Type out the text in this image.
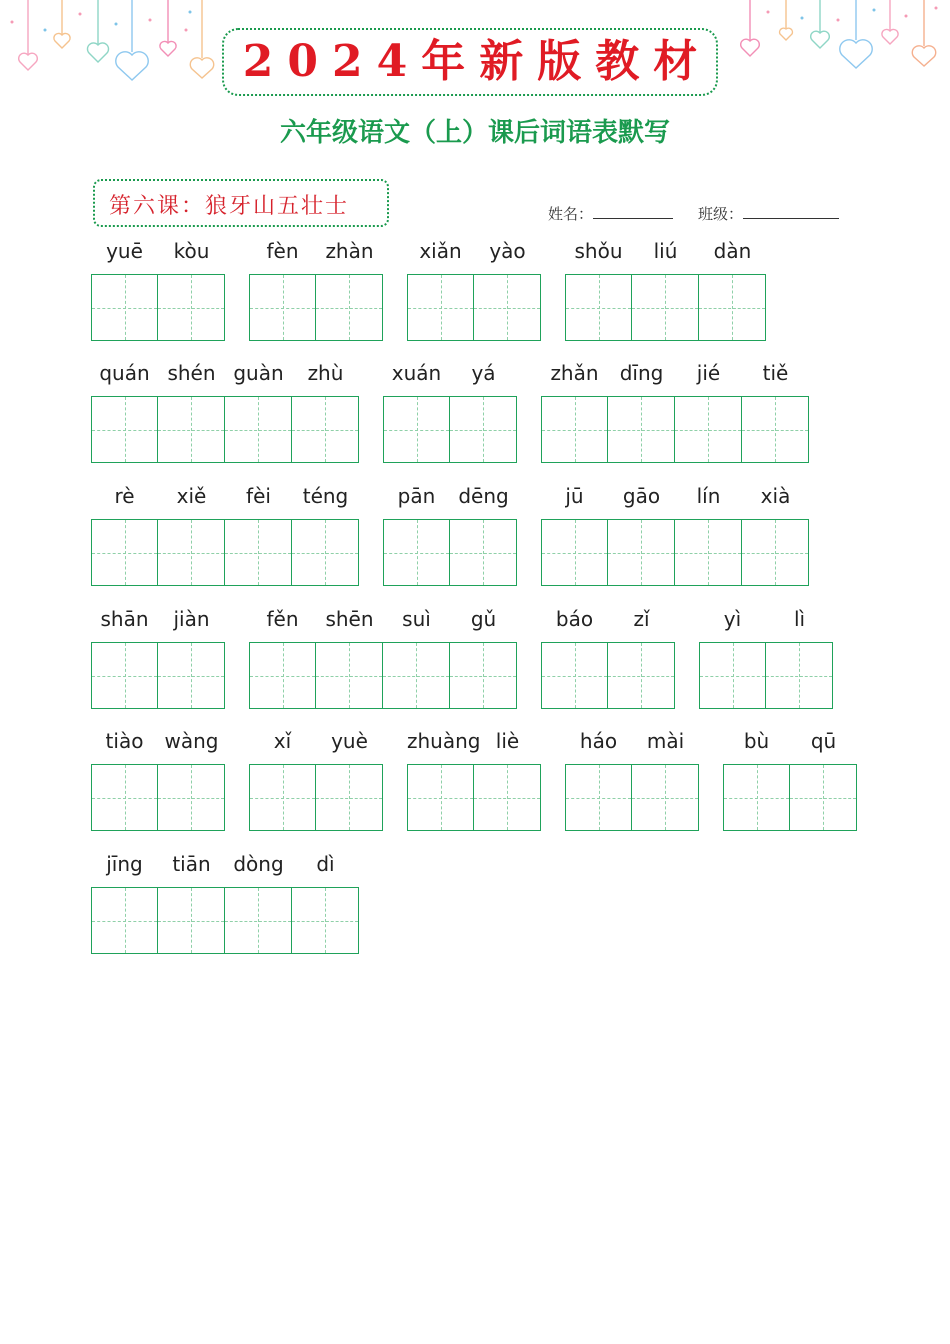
2024年新版教材
六年级语文（上）课后词语表默写
第六课：狼牙山五壮士	姓名：	班级：
yuē	kòu	fèn	zhàn	xiǎn	yào	shǒu	liú	dàn
quán shén guàn	zhù	xuán	yá	zhǎn	dīng	jié	tiě
rè	xiě	fèi	téng	pān	dēng	jū	gāo	lín	xià
shān	jiàn	fěn	shēn	suì	gǔ	báo	zǐ	yì	lì
tiào	wàng	xǐ	yuè	zhuàng liè	háo	mài	bù	qū
jīng	tiān	dòng	dì
